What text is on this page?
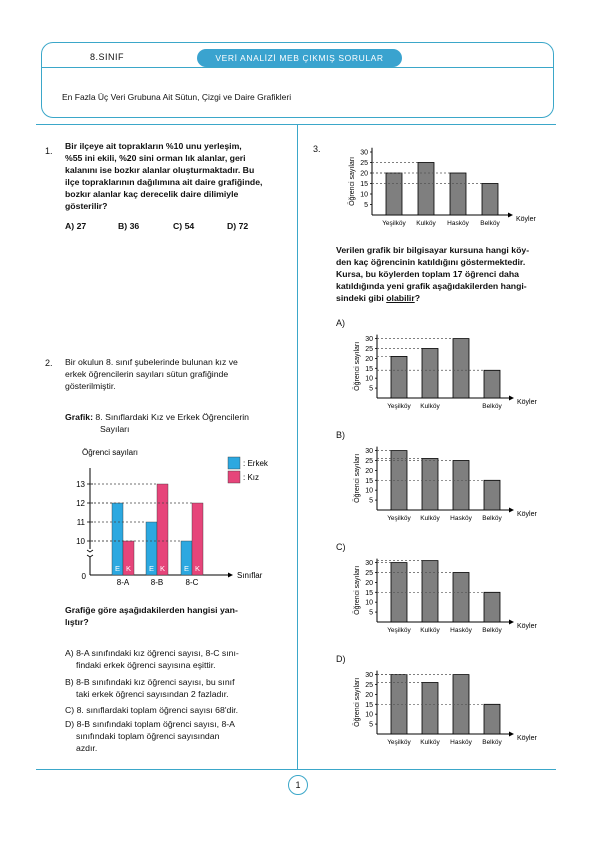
8.SINIF	VERİ ANALİZİ MEB ÇIKMIŞ SORULAR
En Fazla Üç Veri Grubuna Ait Sütun, Çizgi ve Daire Grafikleri
1. Bir ilçeye ait toprakların %10 unu yerleşim,
%55 ini ekili, %20 sini orman lık alanlar, geri
kalanını ise bozkır alanlar oluşturmaktadır. Bu
ilçe topraklarının dağılımına ait daire grafiğinde,
bozkır alanlar kaç derecelik daire dilimiyle
gösterilir?
A) 27	B) 36	C) 54	D) 72
2. Bir okulun 8. sınıf şubelerinde bulunan kız ve
erkek öğrencilerin sayıları sütun grafiğinde
gösterilmiştir.
Grafik: 8. Sınıflardaki Kız ve Erkek Öğrencilerin
Sayıları
Öğrenci sayıları
0	Sınıflar
10
11
12
13
E K
8-A
E K
8-B
E K
8-C
: Erkek
: Kız
Grafiğe göre aşağıdakilerden hangisi yan-
lıştır?
A) 8-A sınıfındaki kız öğrenci sayısı, 8-C sını-
findaki erkek öğrenci sayısına eşittir.
B) 8-B sınıfındaki kız öğrenci sayısı, bu sınıf
taki erkek öğrenci sayısından 2 fazladır.
C) 8. sınıflardaki toplam öğrenci sayısı 68'dir.
D) 8-B sınıfındaki toplam öğrenci sayısı, 8-A
sınıfındaki toplam öğrenci sayısından
azdır.
3.
5
10
15
20
25
30
Öğrenci sayıları
Köyler
Yeşilköy Kulköy Hasköy Belköy
Verilen grafik bir bilgisayar kursuna hangi köy-
den kaç öğrencinin katıldığını göstermektedir.
Kursa, bu köylerden toplam 17 öğrenci daha
katıldığında yeni grafik aşağıdakilerden hangi-
sindeki gibi olabilir?
A)
5
10
15
20
25
30
Öğrenci sayıları
Köyler
Yeşilköy Kulköy	Belköy
B)
5
10
15
20
25
30
Öğrenci sayıları
Köyler
Yeşilköy Kulköy Hasköy Belköy
C)
5
10
15
20
25
30
Öğrenci sayıları
Köyler
Yeşilköy Kulköy Hasköy Belköy
D)
5
10
15
20
25
30
Öğrenci sayıları
Köyler
Yeşilköy Kulköy Hasköy Belköy
1
